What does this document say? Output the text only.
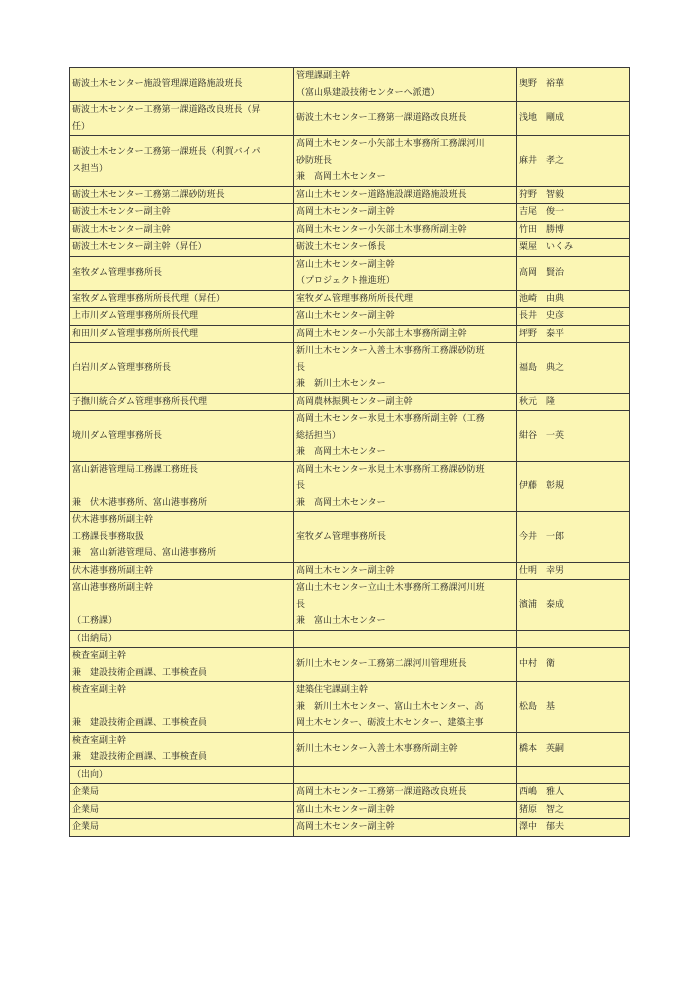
砺波土木センター施設管理課道路施設班長	管理課副主幹
（富山県建設技術センターへ派遣）	奥野　裕華

砺波土木センター工務第一課道路改良班長（昇
任）	砺波土木センター工務第一課道路改良班長	浅地　剛成

砺波土木センター工務第一課班長（利賀バイパ
ス担当）	高岡土木センター小矢部土木事務所工務課河川
砂防班長
兼　高岡土木センター	麻井　孝之

砺波土木センター工務第二課砂防班長	富山土木センター道路施設課道路施設班長	狩野　智毅

砺波土木センター副主幹	高岡土木センター副主幹	吉尾　俊一

砺波土木センター副主幹	高岡土木センター小矢部土木事務所副主幹	竹田　勝博

砺波土木センター副主幹（昇任）	砺波土木センター係長	粟屋　いくみ

室牧ダム管理事務所長	富山土木センター副主幹
（プロジェクト推進班）	高岡　賢治

室牧ダム管理事務所所長代理（昇任）	室牧ダム管理事務所所長代理	池崎　由典

上市川ダム管理事務所所長代理	富山土木センター副主幹	長井　史彦

和田川ダム管理事務所所長代理	高岡土木センター小矢部土木事務所副主幹	坪野　泰平

白岩川ダム管理事務所長	新川土木センター入善土木事務所工務課砂防班
長
兼　新川土木センター	福島　典之

子撫川統合ダム管理事務所長代理	高岡農林振興センター副主幹	秋元　隆

境川ダム管理事務所長	高岡土木センター氷見土木事務所副主幹（工務
総括担当）
兼　高岡土木センター	紺谷　一英

富山新港管理局工務課工務班長
兼　伏木港事務所、富山港事務所	高岡土木センター氷見土木事務所工務課砂防班
長
兼　高岡土木センター	伊藤　彰規

伏木港事務所副主幹
工務課長事務取扱
兼　富山新港管理局、富山港事務所	室牧ダム管理事務所長	今井　一郎

伏木港事務所副主幹	高岡土木センター副主幹	仕明　幸男

富山港事務所副主幹
（工務課）	富山土木センター立山土木事務所工務課河川班
長
兼　富山土木センター	濱浦　泰成

（出納局）		

検査室副主幹
兼　建設技術企画課、工事検査員	新川土木センター工務第二課河川管理班長	中村　衛

検査室副主幹
兼　建設技術企画課、工事検査員	建築住宅課副主幹
兼　新川土木センター、富山土木センター、高
岡土木センター、砺波土木センター、建築主事	松島　基

検査室副主幹
兼　建設技術企画課、工事検査員	新川土木センター入善土木事務所副主幹	橋本　英嗣

（出向）		

企業局	高岡土木センター工務第一課道路改良班長	西嶋　雅人

企業局	富山土木センター副主幹	猪原　智之

企業局	高岡土木センター副主幹	澤中　郁夫
